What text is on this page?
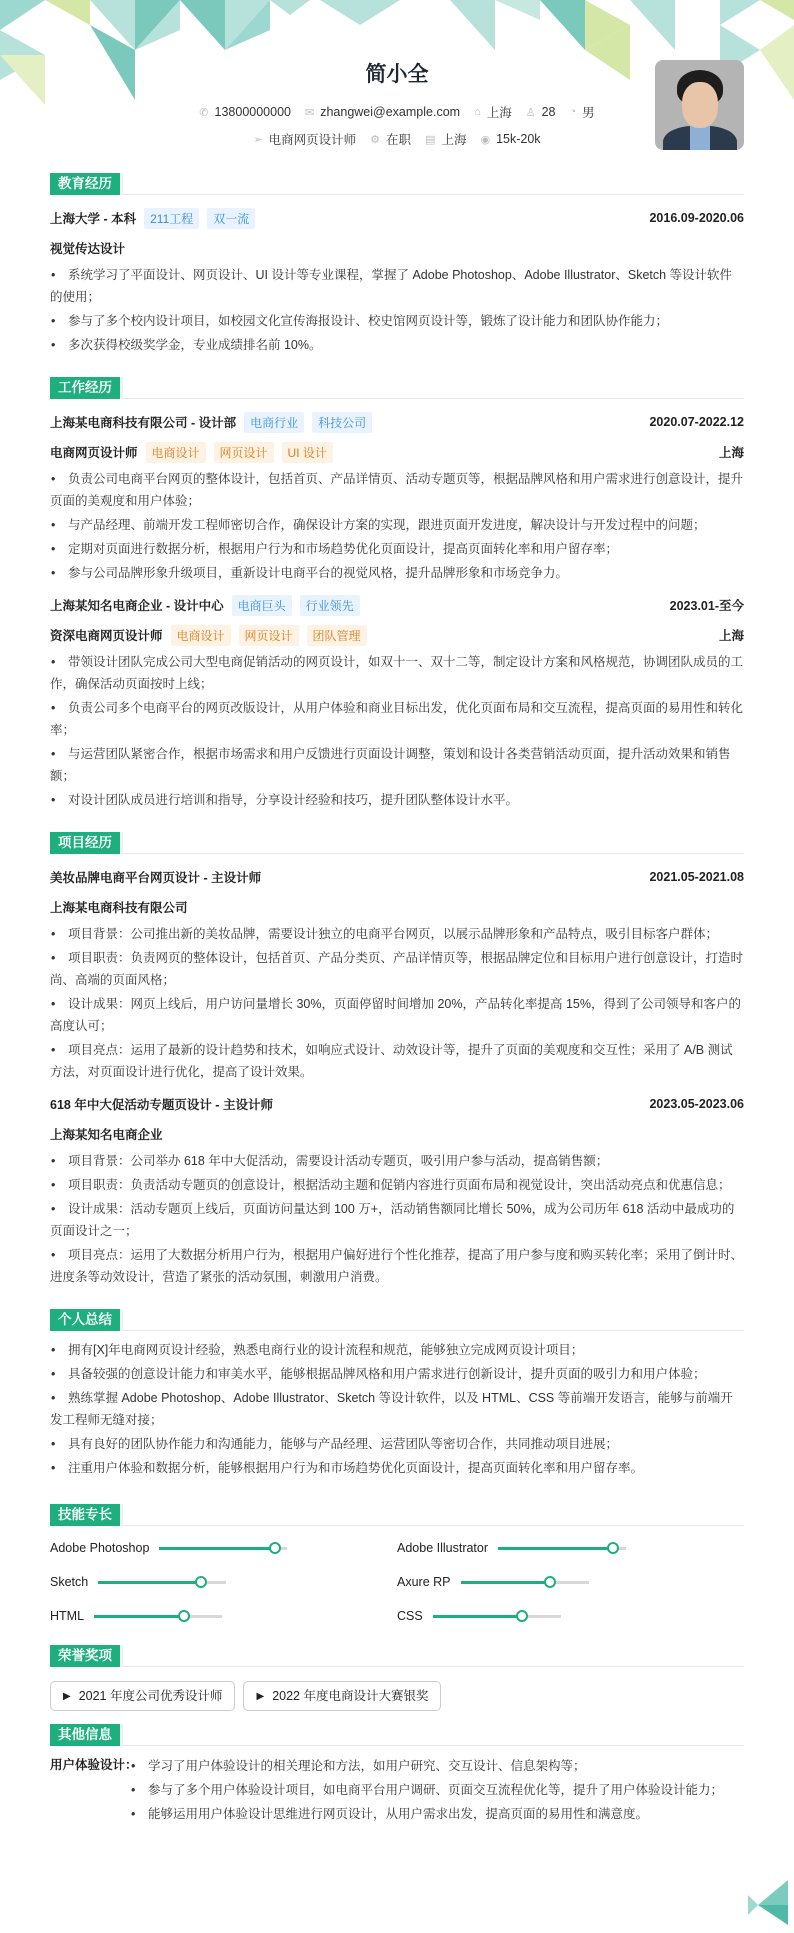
简小全
✆ 13800000000 ✉ zhangwei@example.com ⌂ 上海 ♙ 28 ◔ 男
➢ 电商网页设计师 ⚙ 在职 ▤ 上海 ◉ 15k-20k
教育经历
上海大学 - 本科	211工程	双一流	2016.09-2020.06
视觉传达设计
• 系统学习了平面设计、网页设计、UI 设计等专业课程，掌握了 Adobe Photoshop、Adobe Illustrator、Sketch 等设计软件的使用；
• 参与了多个校内设计项目，如校园文化宣传海报设计、校史馆网页设计等，锻炼了设计能力和团队协作能力；
• 多次获得校级奖学金，专业成绩排名前 10%。
工作经历
上海某电商科技有限公司 - 设计部	电商行业	科技公司	2020.07-2022.12
电商网页设计师	电商设计	网页设计	UI 设计	上海
• 负责公司电商平台网页的整体设计，包括首页、产品详情页、活动专题页等，根据品牌风格和用户需求进行创意设计，提升页面的美观度和用户体验；
• 与产品经理、前端开发工程师密切合作，确保设计方案的实现，跟进页面开发进度，解决设计与开发过程中的问题；
• 定期对页面进行数据分析，根据用户行为和市场趋势优化页面设计，提高页面转化率和用户留存率；
• 参与公司品牌形象升级项目，重新设计电商平台的视觉风格，提升品牌形象和市场竞争力。
上海某知名电商企业 - 设计中心	电商巨头	行业领先	2023.01-至今
资深电商网页设计师	电商设计	网页设计	团队管理	上海
• 带领设计团队完成公司大型电商促销活动的网页设计，如双十一、双十二等，制定设计方案和风格规范，协调团队成员的工作，确保活动页面按时上线；
• 负责公司多个电商平台的网页改版设计，从用户体验和商业目标出发，优化页面布局和交互流程，提高页面的易用性和转化率；
• 与运营团队紧密合作，根据市场需求和用户反馈进行页面设计调整，策划和设计各类营销活动页面，提升活动效果和销售额；
• 对设计团队成员进行培训和指导，分享设计经验和技巧，提升团队整体设计水平。
项目经历
美妆品牌电商平台网页设计 - 主设计师	2021.05-2021.08
上海某电商科技有限公司
• 项目背景：公司推出新的美妆品牌，需要设计独立的电商平台网页，以展示品牌形象和产品特点，吸引目标客户群体；
• 项目职责：负责网页的整体设计，包括首页、产品分类页、产品详情页等，根据品牌定位和目标用户进行创意设计，打造时尚、高端的页面风格；
• 设计成果：网页上线后，用户访问量增长 30%，页面停留时间增加 20%，产品转化率提高 15%，得到了公司领导和客户的高度认可；
• 项目亮点：运用了最新的设计趋势和技术，如响应式设计、动效设计等，提升了页面的美观度和交互性；采用了 A/B 测试方法，对页面设计进行优化，提高了设计效果。
618 年中大促活动专题页设计 - 主设计师	2023.05-2023.06
上海某知名电商企业
• 项目背景：公司举办 618 年中大促活动，需要设计活动专题页，吸引用户参与活动，提高销售额；
• 项目职责：负责活动专题页的创意设计，根据活动主题和促销内容进行页面布局和视觉设计，突出活动亮点和优惠信息；
• 设计成果：活动专题页上线后，页面访问量达到 100 万+，活动销售额同比增长 50%，成为公司历年 618 活动中最成功的页面设计之一；
• 项目亮点：运用了大数据分析用户行为，根据用户偏好进行个性化推荐，提高了用户参与度和购买转化率；采用了倒计时、进度条等动效设计，营造了紧张的活动氛围，刺激用户消费。
个人总结
• 拥有[X]年电商网页设计经验，熟悉电商行业的设计流程和规范，能够独立完成网页设计项目；
• 具备较强的创意设计能力和审美水平，能够根据品牌风格和用户需求进行创新设计，提升页面的吸引力和用户体验；
• 熟练掌握 Adobe Photoshop、Adobe Illustrator、Sketch 等设计软件，以及 HTML、CSS 等前端开发语言，能够与前端开发工程师无缝对接；
• 具有良好的团队协作能力和沟通能力，能够与产品经理、运营团队等密切合作，共同推动项目进展；
• 注重用户体验和数据分析，能够根据用户行为和市场趋势优化页面设计，提高页面转化率和用户留存率。
技能专长
Adobe Photoshop	Adobe Illustrator
Sketch	Axure RP
HTML	CSS
荣誉奖项
▶ 2021 年度公司优秀设计师	▶ 2022 年度电商设计大赛银奖
其他信息
用户体验设计： • 学习了用户体验设计的相关理论和方法，如用户研究、交互设计、信息架构等；
• 参与了多个用户体验设计项目，如电商平台用户调研、页面交互流程优化等，提升了用户体验设计能力；
• 能够运用用户体验设计思维进行网页设计，从用户需求出发，提高页面的易用性和满意度。
